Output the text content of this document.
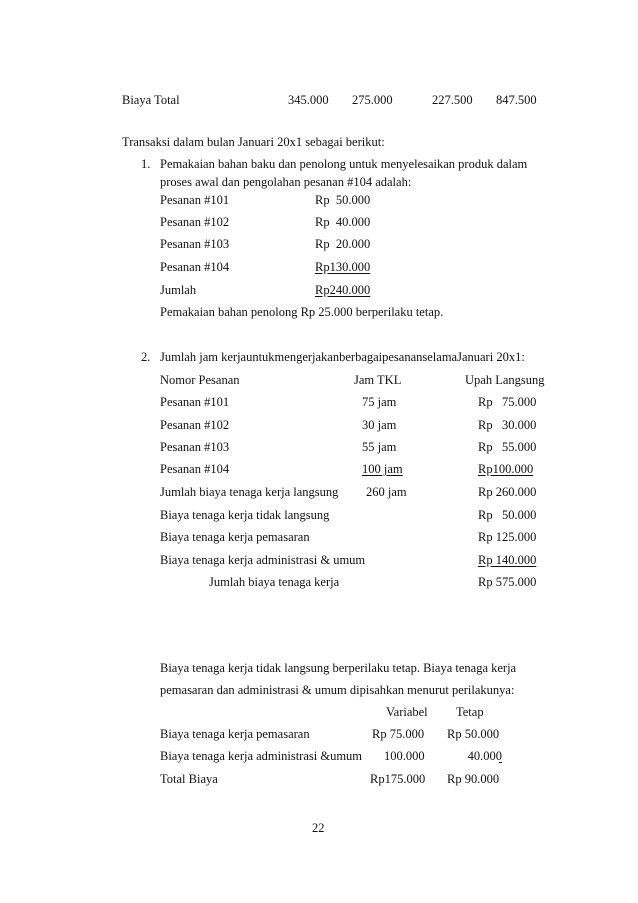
Biaya Total	345.000 275.000	227.500 847.500
Transaksi dalam bulan Januari 20x1 sebagai berikut:
1. Pemakaian bahan baku dan penolong untuk menyelesaikan produk dalam
proses awal dan pengolahan pesanan #104 adalah:
Pesanan #101	Rp  50.000
Pesanan #102	Rp  40.000
Pesanan #103	Rp  20.000
Pesanan #104	Rp130.000
Jumlah	Rp240.000
Pemakaian bahan penolong Rp 25.000 berperilaku tetap.
2. Jumlah jam kerjauntukmengerjakanberbagaipesananselamaJanuari 20x1:
Nomor Pesanan	Jam TKL	Upah Langsung
Pesanan #101	75 jam	Rp   75.000
Pesanan #102	30 jam	Rp   30.000
Pesanan #103	55 jam	Rp   55.000
Pesanan #104	100 jam	Rp100.000
Jumlah biaya tenaga kerja langsung 260 jam	Rp 260.000
Biaya tenaga kerja tidak langsung	Rp   50.000
Biaya tenaga kerja pemasaran	Rp 125.000
Biaya tenaga kerja administrasi & umum	Rp 140.000
Jumlah biaya tenaga kerja	Rp 575.000
Biaya tenaga kerja tidak langsung berperilaku tetap. Biaya tenaga kerja
pemasaran dan administrasi & umum dipisahkan menurut perilakunya:
Variabel Tetap
Biaya tenaga kerja pemasaran	Rp 75.000 Rp 50.000
Biaya tenaga kerja administrasi &umum 100.000	40.000

Total Biaya	Rp175.000 Rp 90.000
22
